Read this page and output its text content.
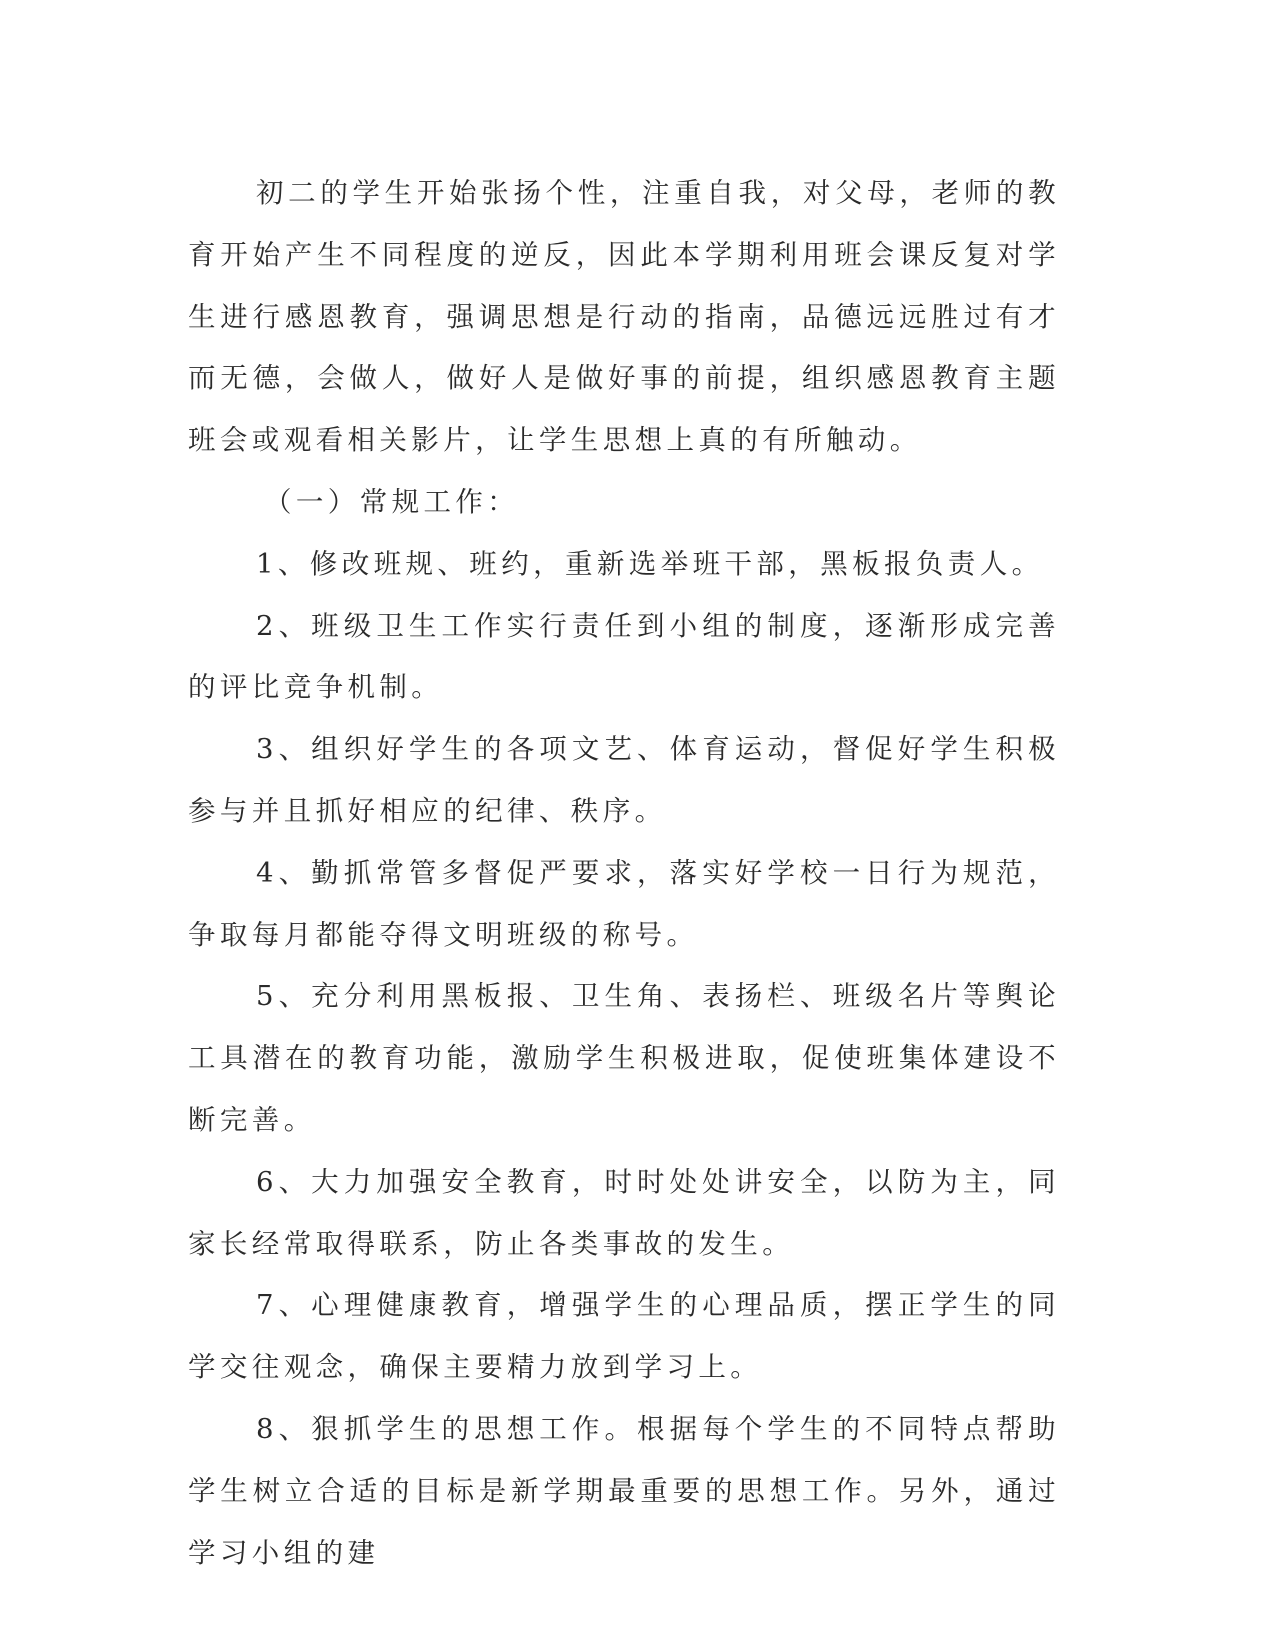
初二的学生开始张扬个性，注重自我，对父母，老师的教育开始产生不同程度的逆反，因此本学期利用班会课反复对学生进行感恩教育，强调思想是行动的指南，品德远远胜过有才而无德，会做人，做好人是做好事的前提，组织感恩教育主题班会或观看相关影片，让学生思想上真的有所触动。

（一）常规工作：

1、修改班规、班约，重新选举班干部，黑板报负责人。

2、班级卫生工作实行责任到小组的制度，逐渐形成完善的评比竞争机制。

3、组织好学生的各项文艺、体育运动，督促好学生积极参与并且抓好相应的纪律、秩序。

4、勤抓常管多督促严要求，落实好学校一日行为规范，争取每月都能夺得文明班级的称号。

5、充分利用黑板报、卫生角、表扬栏、班级名片等舆论工具潜在的教育功能，激励学生积极进取，促使班集体建设不断完善。

6、大力加强安全教育，时时处处讲安全，以防为主，同家长经常取得联系，防止各类事故的发生。

7、心理健康教育，增强学生的心理品质，摆正学生的同学交往观念，确保主要精力放到学习上。

8、狠抓学生的思想工作。根据每个学生的不同特点帮助学生树立合适的目标是新学期最重要的思想工作。另外，通过学习小组的建
